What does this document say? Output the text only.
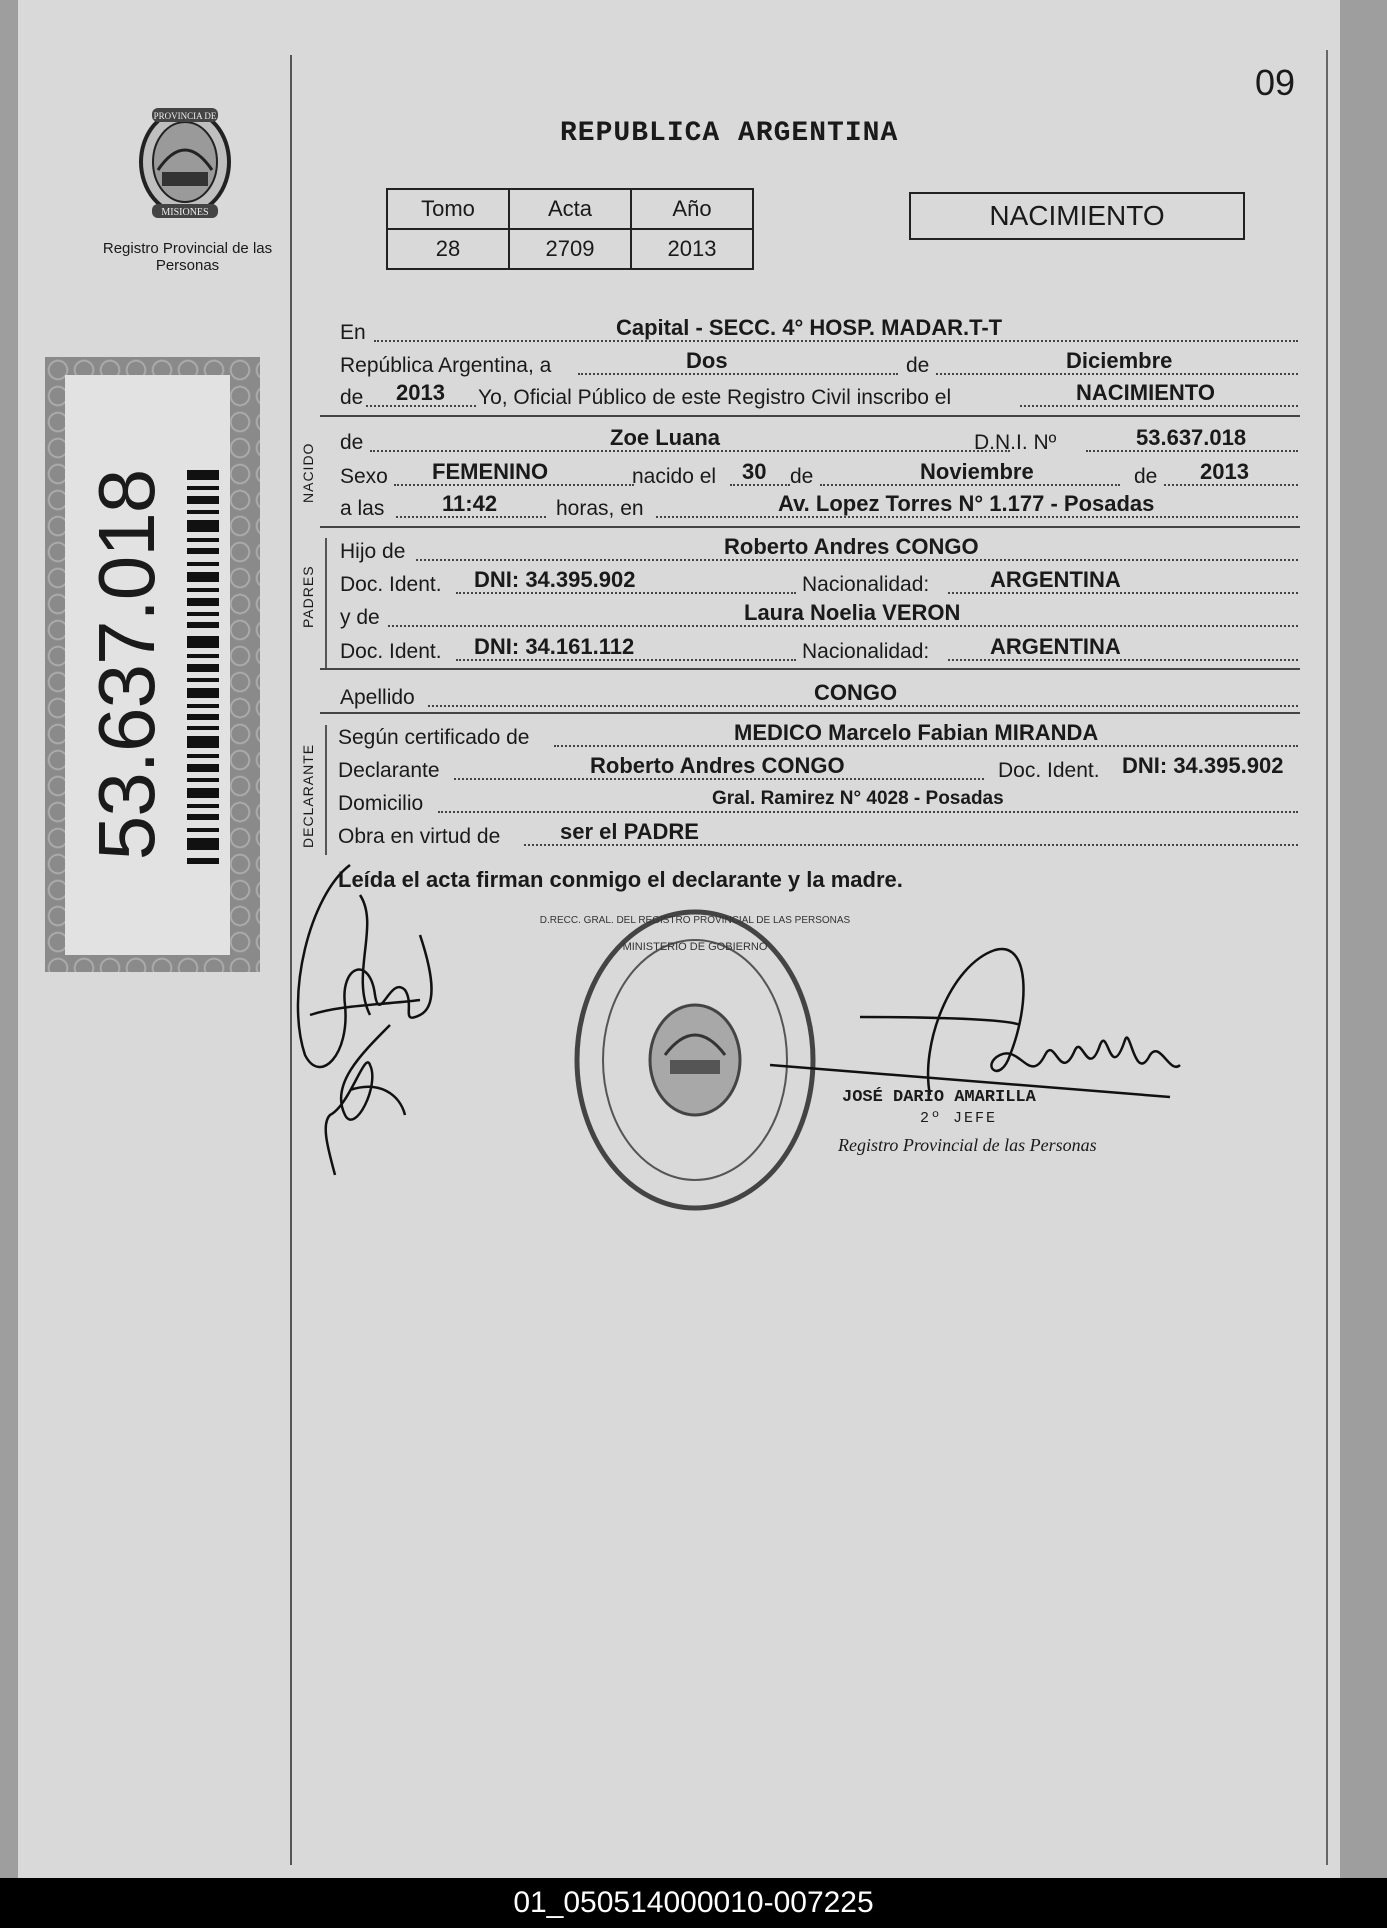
09
PROVINCIA DE
MISIONES
Registro Provincial de las Personas
53.637.018
REPUBLICA ARGENTINA
Tomo	Acta	Año
28	2709	2013
NACIMIENTO
En	Capital - SECC. 4° HOSP. MADAR.T-T
República Argentina, a	Dos	de	Diciembre
de 2013 Yo, Oficial Público de este Registro Civil inscribo el	NACIMIENTO
NACIDO
de	Zoe Luana	D.N.I. Nº	53.637.018
Sexo FEMENINO	nacido el 30 de	Noviembre	de 2013
a las	11:42	horas, en	Av. Lopez Torres N° 1.177 - Posadas
PADRES
Hijo de	Roberto Andres CONGO
Doc. Ident. DNI: 34.395.902	Nacionalidad:	ARGENTINA
y de	Laura Noelia VERON
Doc. Ident. DNI: 34.161.112	Nacionalidad:	ARGENTINA
Apellido	CONGO
DECLARANTE
Según certificado de	MEDICO Marcelo Fabian MIRANDA
Declarante	Roberto Andres CONGO	Doc. Ident. DNI: 34.395.902
Domicilio	Gral. Ramirez N° 4028 - Posadas
Obra en virtud de	ser el PADRE
Leída el acta firman conmigo el declarante y la madre.
D.RECC. GRAL. DEL REGISTRO PROVINCIAL DE LAS PERSONAS
MINISTERIO DE GOBIERNO
JOSÉ DARIO AMARILLA
2º JEFE
Registro Provincial de las Personas
01_050514000010-007225
